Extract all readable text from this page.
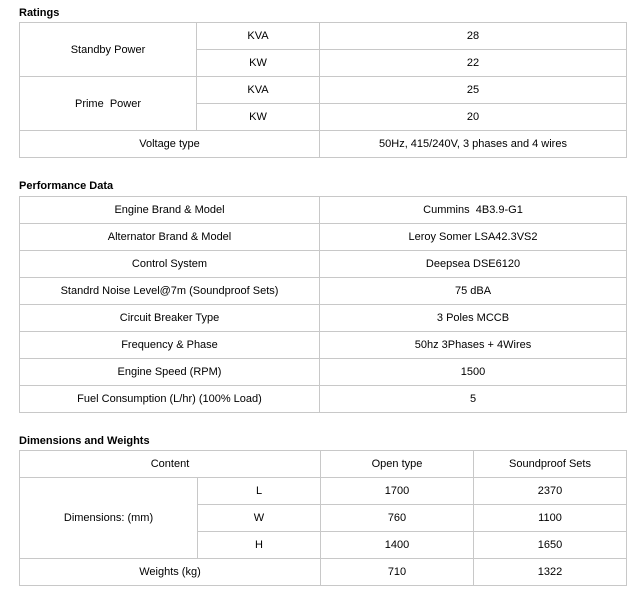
Ratings
Standby Power	KVA	28
	KW	22
Prime  Power	KVA	25
	KW	20
Voltage type		50Hz, 415/240V, 3 phases and 4 wires
Performance Data
Engine Brand & Model	Cummins  4B3.9-G1
Alternator Brand & Model	Leroy Somer LSA42.3VS2
Control System	Deepsea DSE6120
Standrd Noise Level@7m (Soundproof Sets)	75 dBA
Circuit Breaker Type	3 Poles MCCB
Frequency & Phase	50hz 3Phases + 4Wires
Engine Speed (RPM)	1500
Fuel Consumption (L/hr) (100% Load)	5
Dimensions and Weights
Content		Open type	Soundproof Sets
Dimensions: (mm)	L	1700	2370
	W	760	1100
	H	1400	1650
Weights (kg)		710	1322
